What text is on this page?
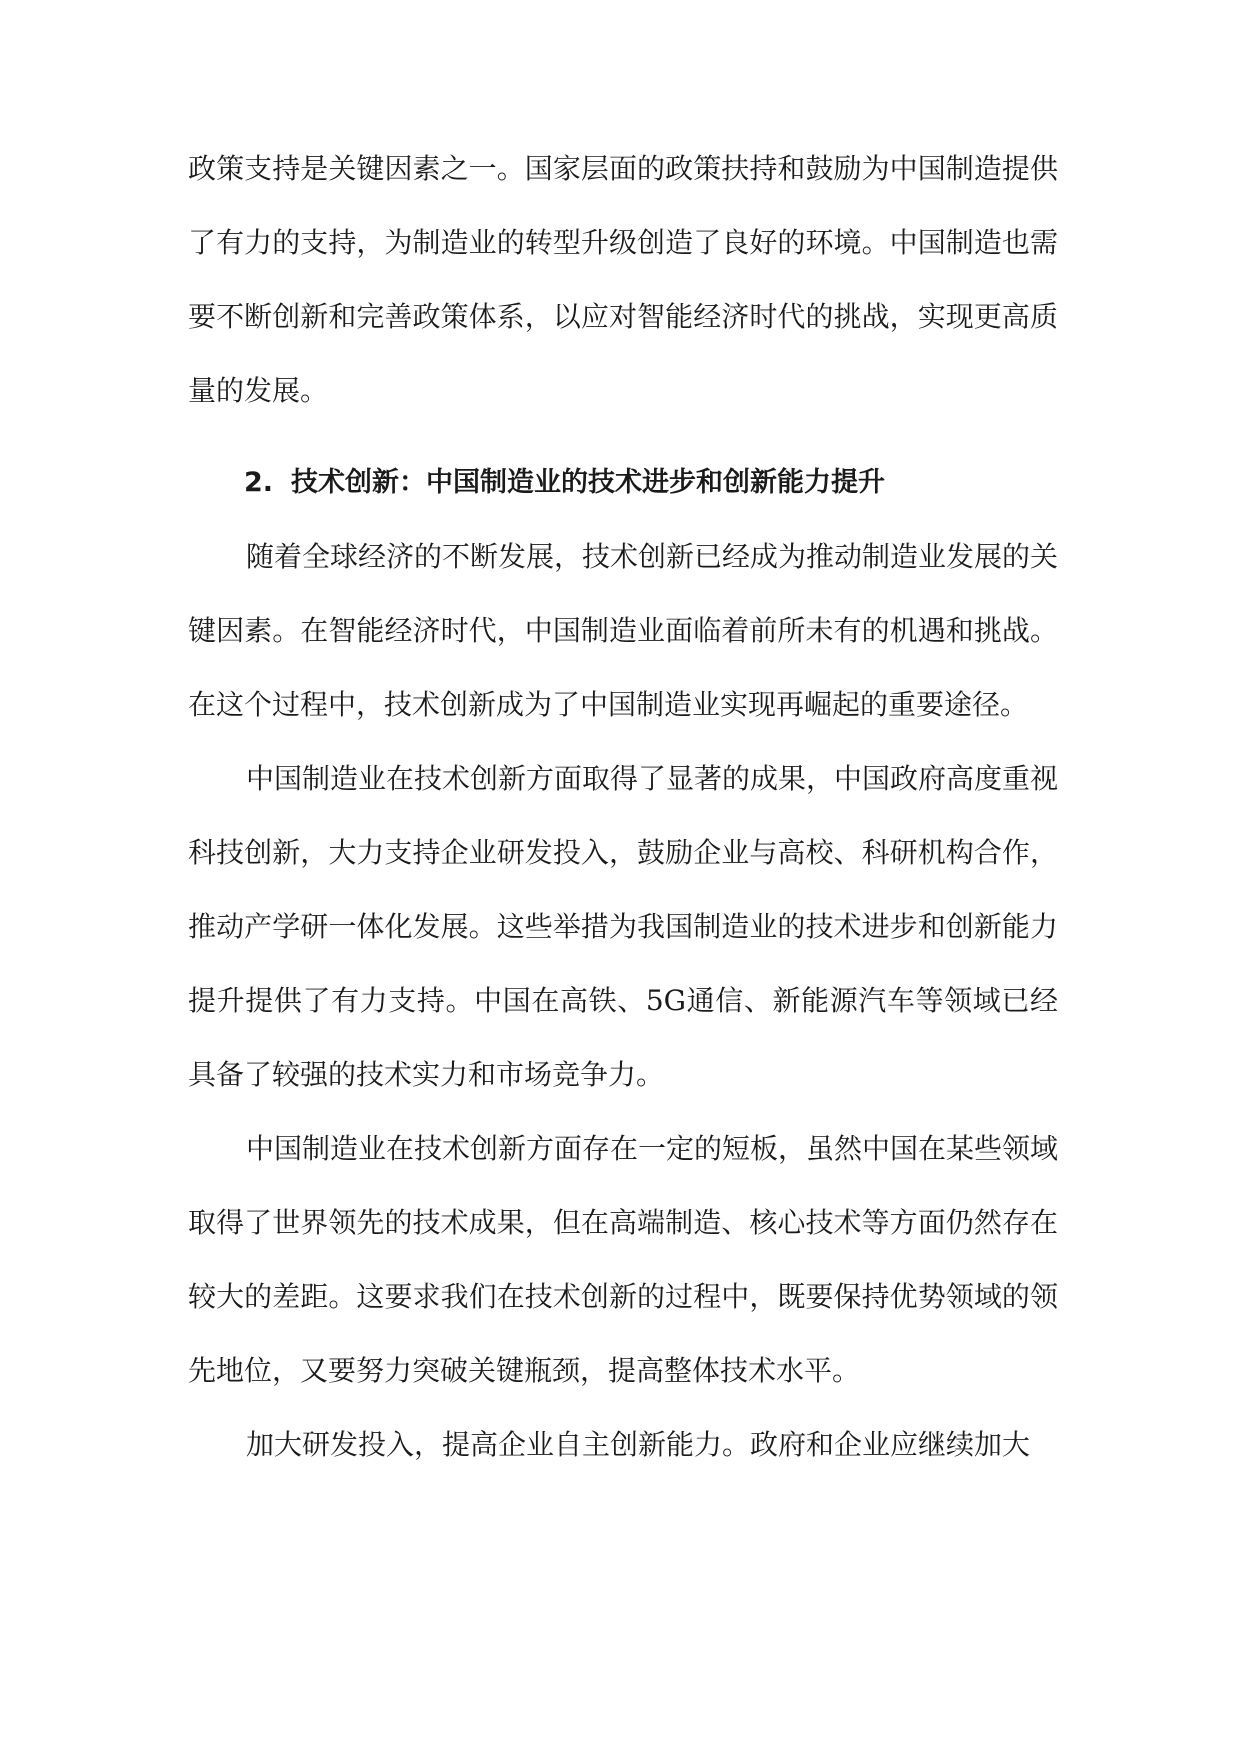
政策支持是关键因素之一。国家层面的政策扶持和鼓励为中国制造提供了有力的支持，为制造业的转型升级创造了良好的环境。中国制造也需要不断创新和完善政策体系，以应对智能经济时代的挑战，实现更高质量的发展。

2. 技术创新：中国制造业的技术进步和创新能力提升

随着全球经济的不断发展，技术创新已经成为推动制造业发展的关键因素。在智能经济时代，中国制造业面临着前所未有的机遇和挑战。在这个过程中，技术创新成为了中国制造业实现再崛起的重要途径。

中国制造业在技术创新方面取得了显著的成果，中国政府高度重视科技创新，大力支持企业研发投入，鼓励企业与高校、科研机构合作，推动产学研一体化发展。这些举措为我国制造业的技术进步和创新能力提升提供了有力支持。中国在高铁、5G通信、新能源汽车等领域已经具备了较强的技术实力和市场竞争力。

中国制造业在技术创新方面存在一定的短板，虽然中国在某些领域取得了世界领先的技术成果，但在高端制造、核心技术等方面仍然存在较大的差距。这要求我们在技术创新的过程中，既要保持优势领域的领先地位，又要努力突破关键瓶颈，提高整体技术水平。

加大研发投入，提高企业自主创新能力。政府和企业应继续加大
